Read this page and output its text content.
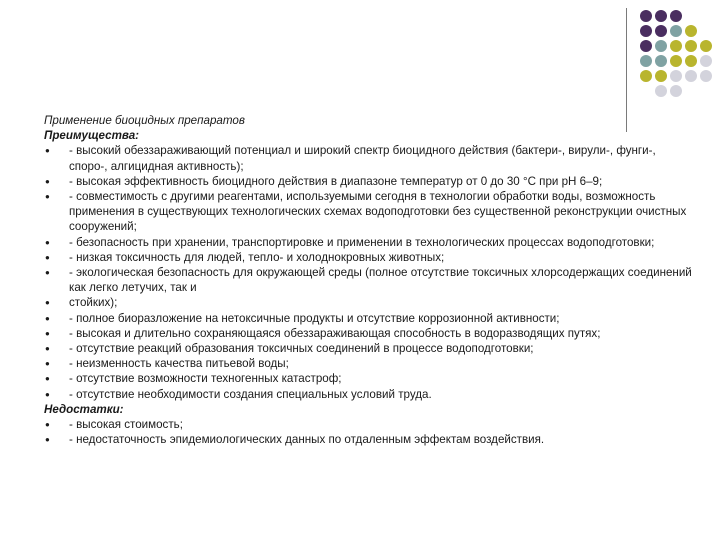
Применение биоцидных препаратов
Преимущества:
● - высокий обеззараживающий потенциал и широкий спектр биоцидного действия (бактери-, вирули-, фунги-, споро-, алгицидная активность);
● - высокая эффективность биоцидного действия в диапазоне температур от 0 до 30 °С при рН 6–9;
● - совместимость с другими реагентами, используемыми сегодня в технологии обработки воды, возможность применения в существующих технологических схемах водоподготовки без существенной реконструкции очистных сооружений;
● - безопасность при хранении, транспортировке и применении в технологических процессах водоподготовки;
● - низкая токсичность для людей, тепло- и холоднокровных животных;
● - экологическая безопасность для окружающей среды (полное отсутствие токсичных хлорсодержащих соединений как легко летучих, так и
● стойких);
● - полное биоразложение на нетоксичные продукты и отсутствие коррозионной активности;
● - высокая и длительно сохраняющаяся обеззараживающая способность в водоразводящих путях;
● - отсутствие реакций образования токсичных соединений в процессе водоподготовки;
● - неизменность качества питьевой воды;
● - отсутствие возможности техногенных катастроф;
● - отсутствие необходимости создания специальных условий труда.
Недостатки:
● - высокая стоимость;
● - недостаточность эпидемиологических данных по отдаленным эффектам воздействия.
